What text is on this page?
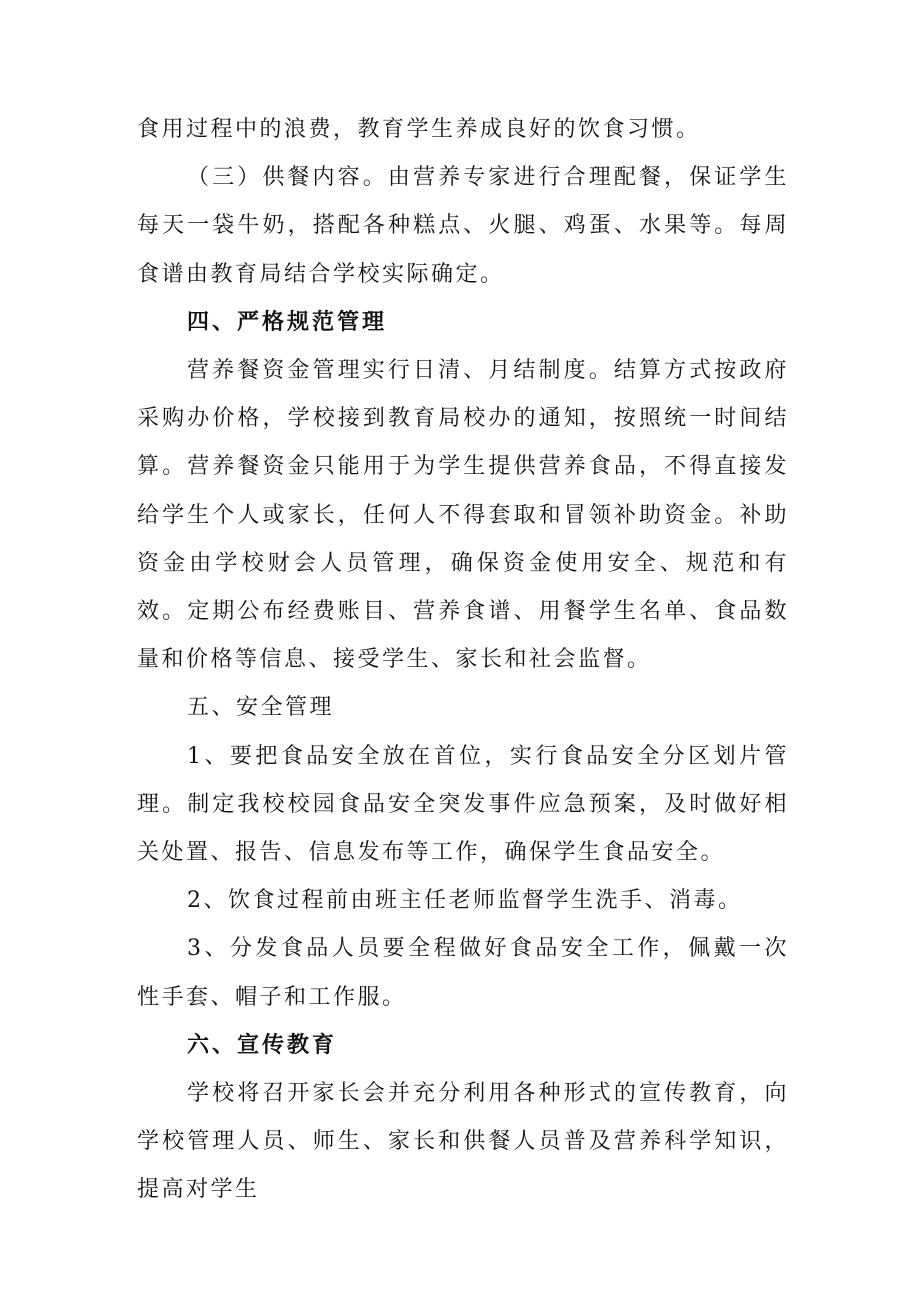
食用过程中的浪费，教育学生养成良好的饮食习惯。

（三）供餐内容。由营养专家进行合理配餐，保证学生每天一袋牛奶，搭配各种糕点、火腿、鸡蛋、水果等。每周食谱由教育局结合学校实际确定。

四、严格规范管理

营养餐资金管理实行日清、月结制度。结算方式按政府采购办价格，学校接到教育局校办的通知，按照统一时间结算。营养餐资金只能用于为学生提供营养食品，不得直接发给学生个人或家长，任何人不得套取和冒领补助资金。补助资金由学校财会人员管理，确保资金使用安全、规范和有效。定期公布经费账目、营养食谱、用餐学生名单、食品数量和价格等信息、接受学生、家长和社会监督。

五、安全管理

1、要把食品安全放在首位，实行食品安全分区划片管理。制定我校校园食品安全突发事件应急预案，及时做好相关处置、报告、信息发布等工作，确保学生食品安全。

2、饮食过程前由班主任老师监督学生洗手、消毒。

3、分发食品人员要全程做好食品安全工作，佩戴一次性手套、帽子和工作服。

六、宣传教育

学校将召开家长会并充分利用各种形式的宣传教育，向学校管理人员、师生、家长和供餐人员普及营养科学知识，提高对学生
